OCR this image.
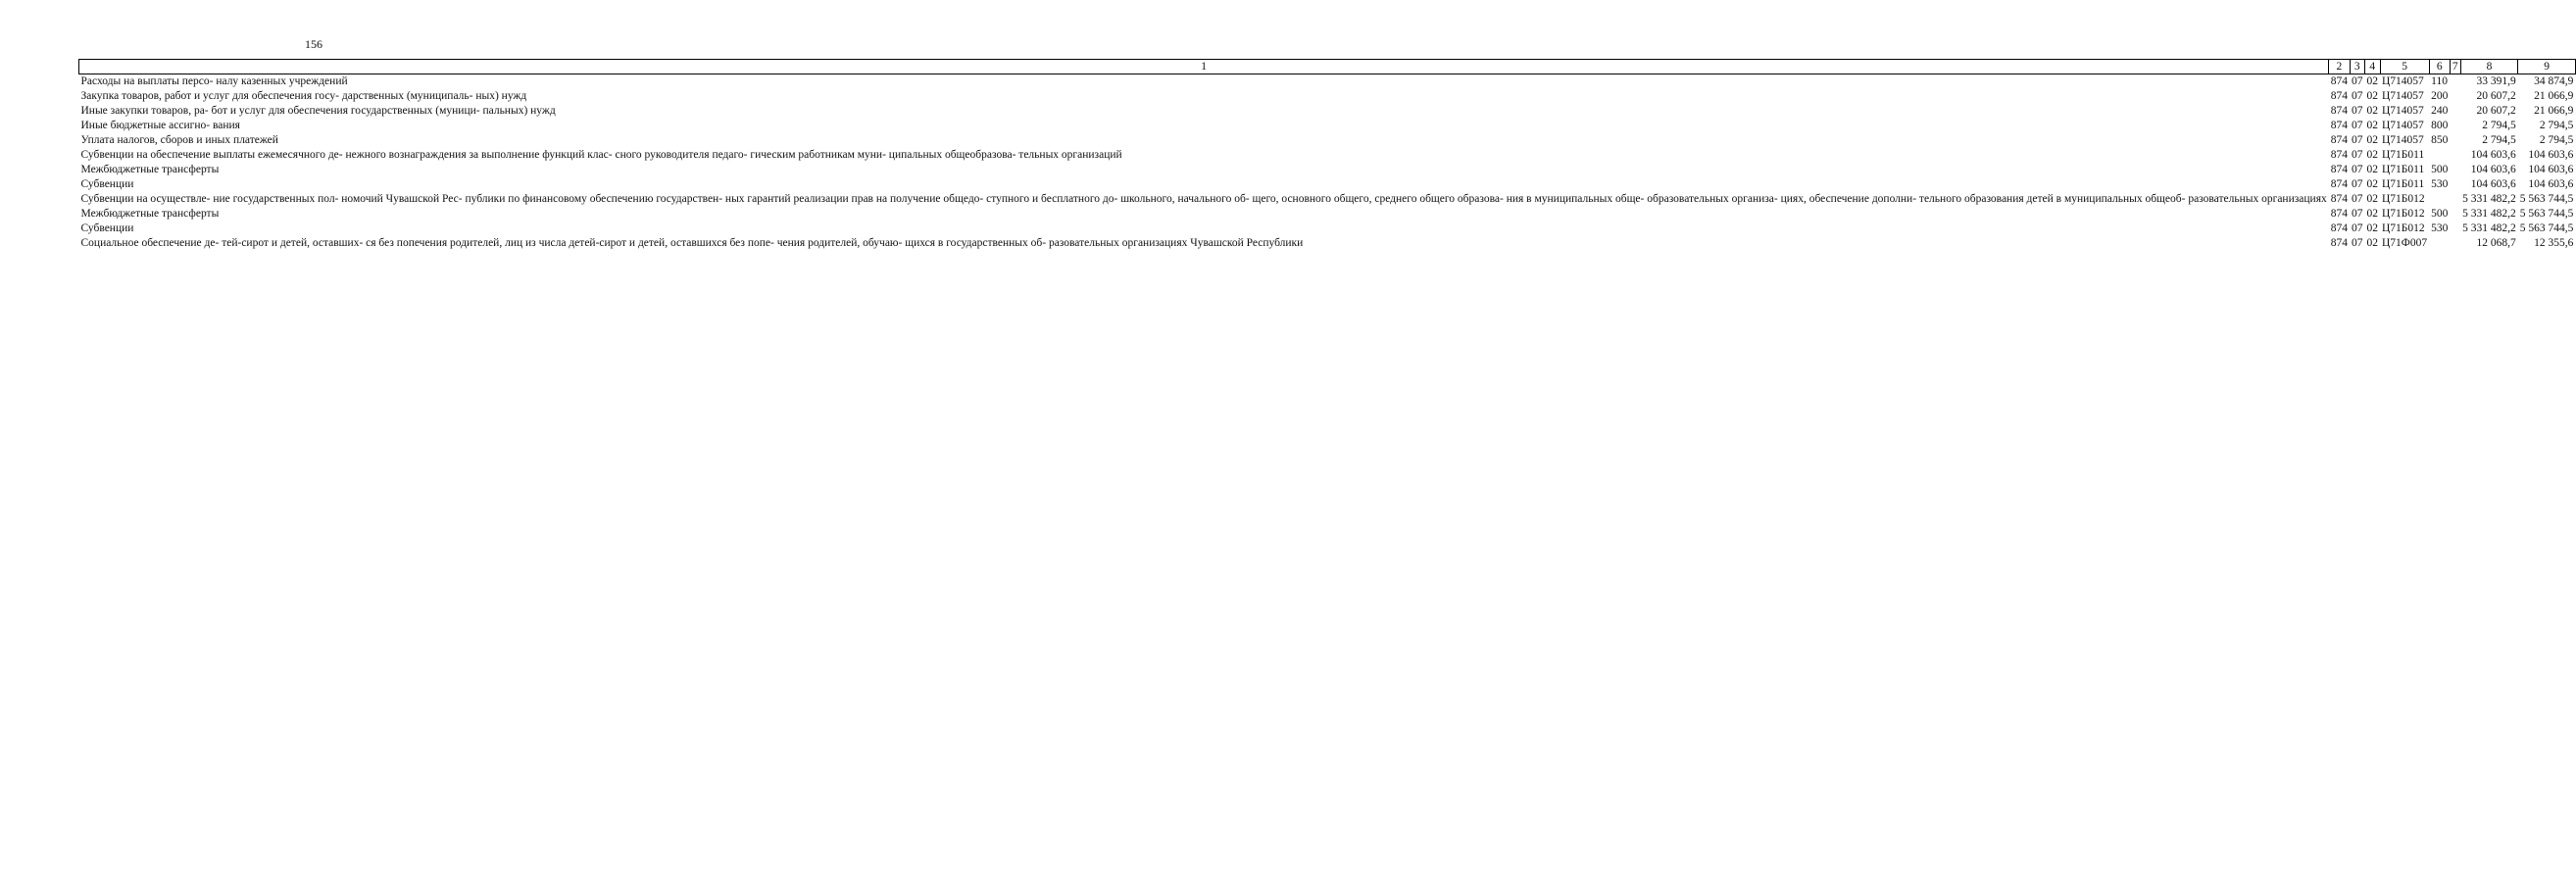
156
1	2	3	4	5	6	7	8	9
Расходы на выплаты персо- налу казенных учреждений	874	07	02	Ц714057	110		33 391,9	34 874,9
Закупка товаров, работ и услуг для обеспечения госу- дарственных (муниципаль- ных) нужд	874	07	02	Ц714057	200		20 607,2	21 066,9
Иные закупки товаров, ра- бот и услуг для обеспечения государственных (муници- пальных) нужд	874	07	02	Ц714057	240		20 607,2	21 066,9
Иные бюджетные ассигно- вания	874	07	02	Ц714057	800		2 794,5	2 794,5
Уплата налогов, сборов и иных платежей	874	07	02	Ц714057	850		2 794,5	2 794,5
Субвенции на обеспечение выплаты ежемесячного де- нежного вознаграждения за выполнение функций клас- сного руководителя педаго- гическим работникам муни- ципальных общеобразова- тельных организаций	874	07	02	Ц71Б011			104 603,6	104 603,6
Межбюджетные трансферты	874	07	02	Ц71Б011	500		104 603,6	104 603,6
Субвенции	874	07	02	Ц71Б011	530		104 603,6	104 603,6
Субвенции на осуществле- ние государственных пол- номочий Чувашской Рес- публики по финансовому обеспечению государствен- ных гарантий реализации прав на получение общедо- ступного и бесплатного до- школьного, начального об- щего, основного общего, среднего общего образова- ния в муниципальных обще- образовательных организа- циях, обеспечение дополни- тельного образования детей в муниципальных общеоб- разовательных организациях	874	07	02	Ц71Б012			5 331 482,2	5 563 744,5
Межбюджетные трансферты	874	07	02	Ц71Б012	500		5 331 482,2	5 563 744,5
Субвенции	874	07	02	Ц71Б012	530		5 331 482,2	5 563 744,5
Социальное обеспечение де- тей-сирот и детей, оставших- ся без попечения родителей, лиц из числа детей-сирот и детей, оставшихся без попе- чения родителей, обучаю- щихся в государственных об- разовательных организациях Чувашской Республики	874	07	02	Ц71Ф007			12 068,7	12 355,6
